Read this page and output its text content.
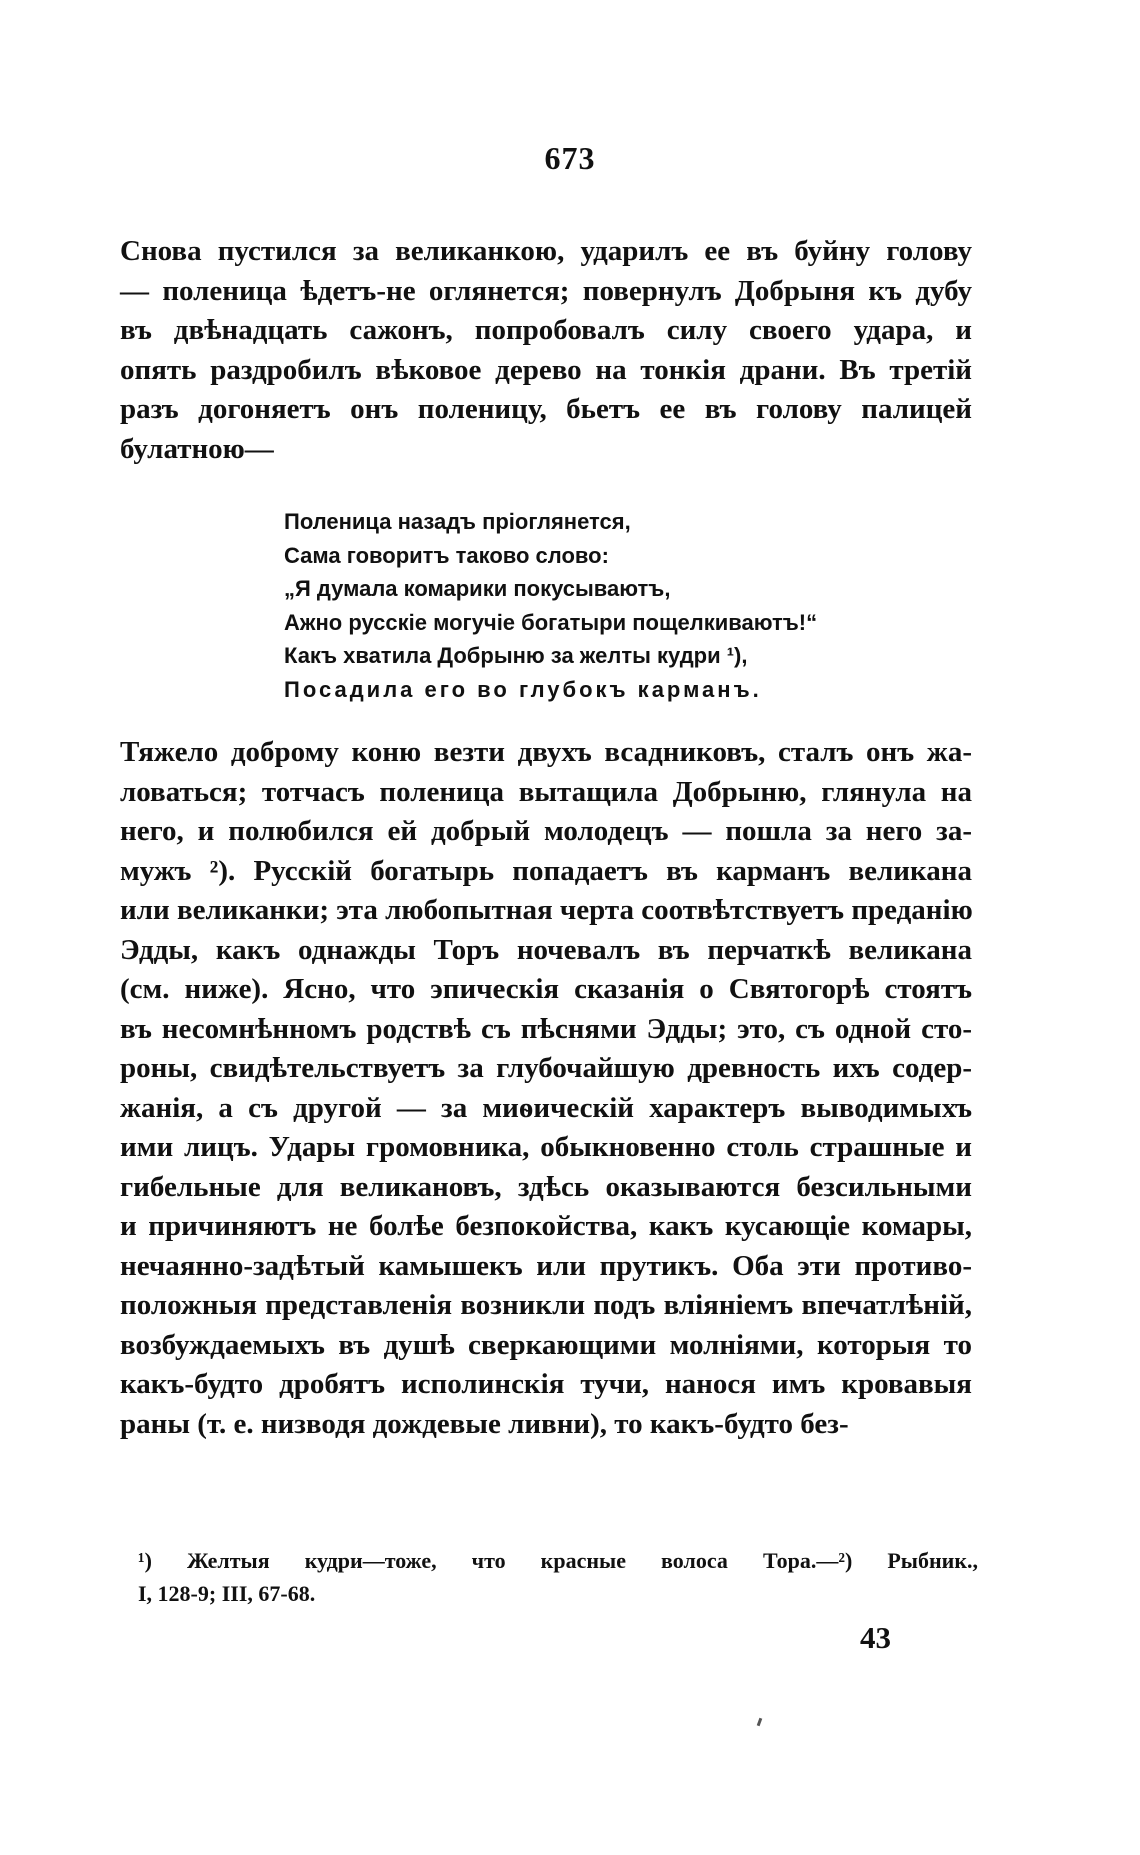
673
Снова пустился за великанкою, ударилъ ее въ буйну голову
— поленица ѣдетъ-не оглянется; повернулъ Добрыня къ дубу
въ двѣнадцать сажонъ, попробовалъ силу своего удара, и
опять раздробилъ вѣковое дерево на тонкія драни. Въ третій
разъ догоняетъ онъ поленицу, бьетъ ее въ голову палицей
булатною—
Поленица назадъ пріоглянется,
Сама говоритъ таково слово:
„Я думала комарики покусываютъ,
Ажно русскіе могучіе богатыри пощелкиваютъ!“
Какъ хватила Добрыню за желты кудри ¹),
Посадила его во глубокъ карманъ.
Тяжело доброму коню везти двухъ всадниковъ, сталъ онъ жа-
ловаться; тотчасъ поленица вытащила Добрыню, глянула на
него, и полюбился ей добрый молодецъ — пошла за него за-
мужъ ²). Русскій богатырь попадаетъ въ карманъ великана
или великанки; эта любопытная черта соотвѣтствуетъ преданію
Эдды, какъ однажды Торъ ночевалъ въ перчаткѣ великана
(см. ниже). Ясно, что эпическія сказанія о Святогорѣ стоятъ
въ несомнѣнномъ родствѣ съ пѣснями Эдды; это, съ одной сто-
роны, свидѣтельствуетъ за глубочайшую древность ихъ содер-
жанія, а съ другой — за миѳическій характеръ выводимыхъ
ими лицъ. Удары громовника, обыкновенно столь страшные и
гибельные для великановъ, здѣсь оказываются безсильными
и причиняютъ не болѣе безпокойства, какъ кусающіе комары,
нечаянно-задѣтый камышекъ или прутикъ. Оба эти противо-
положныя представленія возникли подъ вліяніемъ впечатлѣній,
возбуждаемыхъ въ душѣ сверкающими молніями, которыя то
какъ-будто дробятъ исполинскія тучи, нанося имъ кровавыя
раны (т. е. низводя дождевые ливни), то какъ-будто без-
¹) Желтыя кудри—тоже, что красные волоса Тора.—²) Рыбник.,
I, 128-9; III, 67-68.
43
